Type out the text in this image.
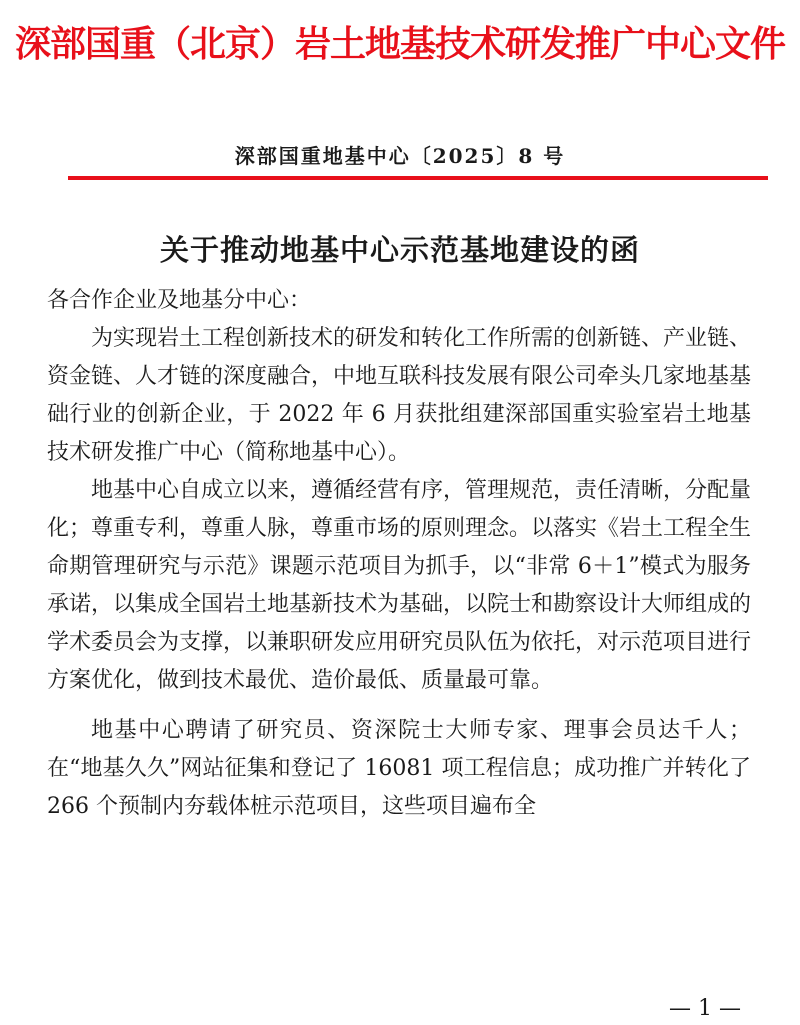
深部国重（北京）岩土地基技术研发推广中心文件
深部国重地基中心〔2025〕8 号
关于推动地基中心示范基地建设的函

各合作企业及地基分中心：

为实现岩土工程创新技术的研发和转化工作所需的创新链、产业链、资金链、人才链的深度融合，中地互联科技发展有限公司牵头几家地基基础行业的创新企业，于 2022 年 6 月获批组建深部国重实验室岩土地基技术研发推广中心（简称地基中心）。

地基中心自成立以来，遵循经营有序，管理规范，责任清晰，分配量化；尊重专利，尊重人脉，尊重市场的原则理念。以落实《岩土工程全生命期管理研究与示范》课题示范项目为抓手，以“非常 6＋1”模式为服务承诺，以集成全国岩土地基新技术为基础，以院士和勘察设计大师组成的学术委员会为支撑，以兼职研发应用研究员队伍为依托，对示范项目进行方案优化，做到技术最优、造价最低、质量最可靠。

地基中心聘请了研究员、资深院士大师专家、理事会员达千人；在“地基久久”网站征集和登记了 16081 项工程信息；成功推广并转化了 266 个预制内夯载体桩示范项目，这些项目遍布全

— 1 —
